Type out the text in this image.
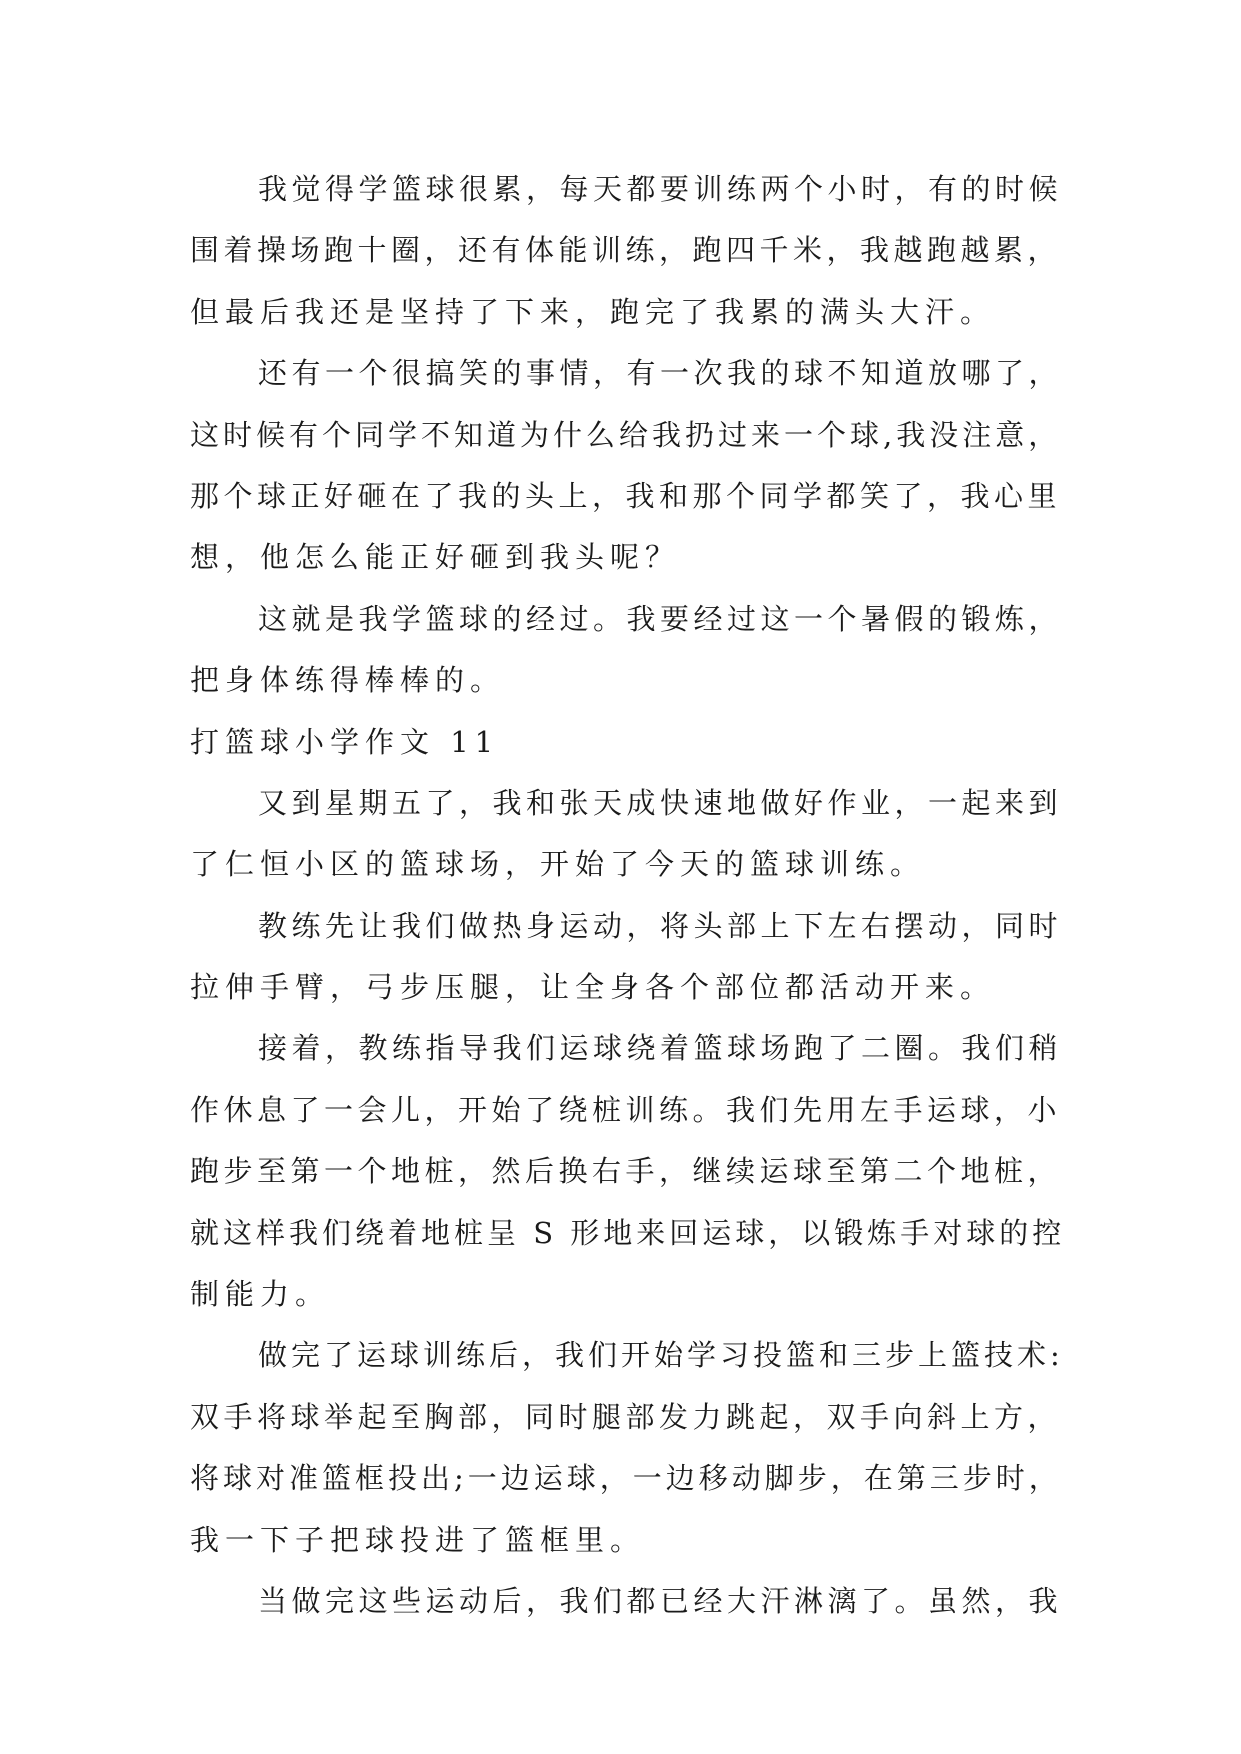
我觉得学篮球很累，每天都要训练两个小时，有的时候
围着操场跑十圈，还有体能训练，跑四千米，我越跑越累，
但最后我还是坚持了下来，跑完了我累的满头大汗。
还有一个很搞笑的事情，有一次我的球不知道放哪了，
这时候有个同学不知道为什么给我扔过来一个球,我没注意，
那个球正好砸在了我的头上，我和那个同学都笑了，我心里
想，他怎么能正好砸到我头呢？
这就是我学篮球的经过。我要经过这一个暑假的锻炼，
把身体练得棒棒的。
打篮球小学作文 11
又到星期五了，我和张天成快速地做好作业，一起来到
了仁恒小区的篮球场，开始了今天的篮球训练。
教练先让我们做热身运动，将头部上下左右摆动，同时
拉伸手臂，弓步压腿，让全身各个部位都活动开来。
接着，教练指导我们运球绕着篮球场跑了二圈。我们稍
作休息了一会儿，开始了绕桩训练。我们先用左手运球，小
跑步至第一个地桩，然后换右手，继续运球至第二个地桩，
就这样我们绕着地桩呈 S 形地来回运球，以锻炼手对球的控
制能力。
做完了运球训练后，我们开始学习投篮和三步上篮技术:
双手将球举起至胸部，同时腿部发力跳起，双手向斜上方，
将球对准篮框投出;一边运球，一边移动脚步，在第三步时，
我一下子把球投进了篮框里。
当做完这些运动后，我们都已经大汗淋漓了。虽然，我
